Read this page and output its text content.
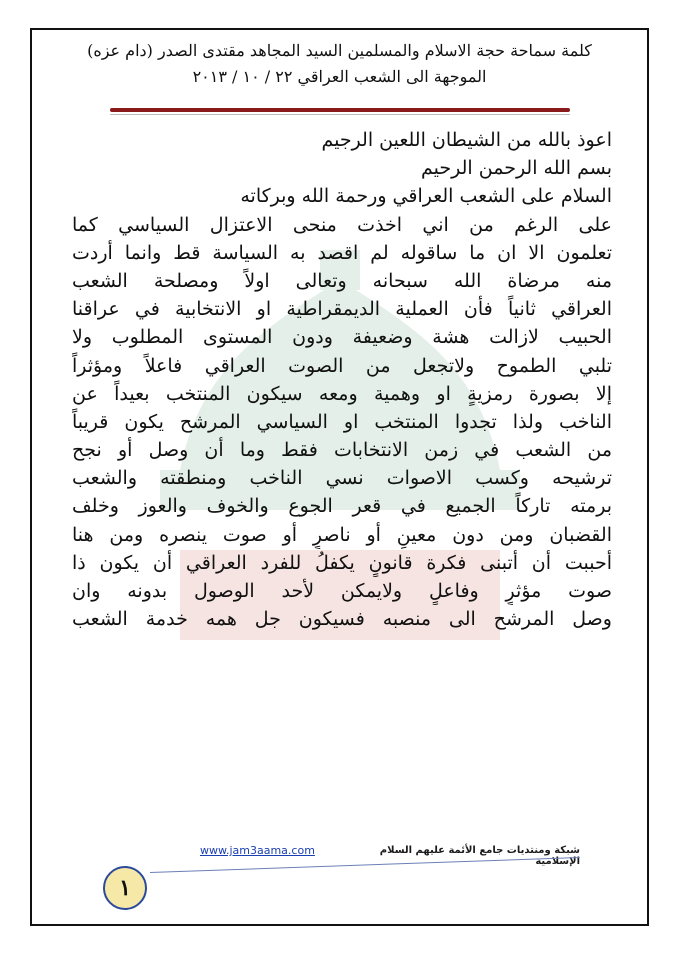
كلمة سماحة حجة الاسلام والمسلمين السيد المجاهد مقتدى الصدر (دام عزه)
الموجهة الى الشعب العراقي ٢٢ / ١٠ / ٢٠١٣
اعوذ بالله من الشيطان اللعين الرجيم
بسم الله الرحمن الرحيم
السلام على الشعب العراقي ورحمة الله وبركاته
على الرغم من اني اخذت منحى الاعتزال السياسي كما
تعلمون الا ان ما ساقوله لم اقصد به السياسة قط وانما أردت
منه مرضاة الله سبحانه وتعالى اولاً ومصلحة الشعب
العراقي ثانياً فأن العملية الديمقراطية او الانتخابية في عراقنا
الحبيب لازالت هشة وضعيفة ودون المستوى المطلوب ولا
تلبي الطموح ولاتجعل من الصوت العراقي فاعلاً ومؤثراً
إلا بصورة رمزيةٍ او وهمية ومعه سيكون المنتخب بعيداً عن
الناخب ولذا تجدوا المنتخب او السياسي المرشح يكون قريباً
من الشعب في زمن الانتخابات فقط وما أن وصل أو نجح
ترشيحه وكسب الاصوات نسي الناخب ومنطقته والشعب
برمته تاركاً الجميع في قعر الجوع والخوف والعوز وخلف
القضبان ومن دون معينٍ أو ناصرٍ أو صوت ينصره ومن هنا
أحببت أن أتبنى فكرة قانونٍ يكفلُ للفرد العراقي أن يكون ذا
صوت مؤثرٍ وفاعلٍ ولايمكن لأحد الوصول بدونه وان
وصل المرشح الى منصبه فسيكون جل همه خدمة الشعب
www.jam3aama.com	شبكة ومنتديات جامع الأئمة عليهم السلام الإسلامية
١
